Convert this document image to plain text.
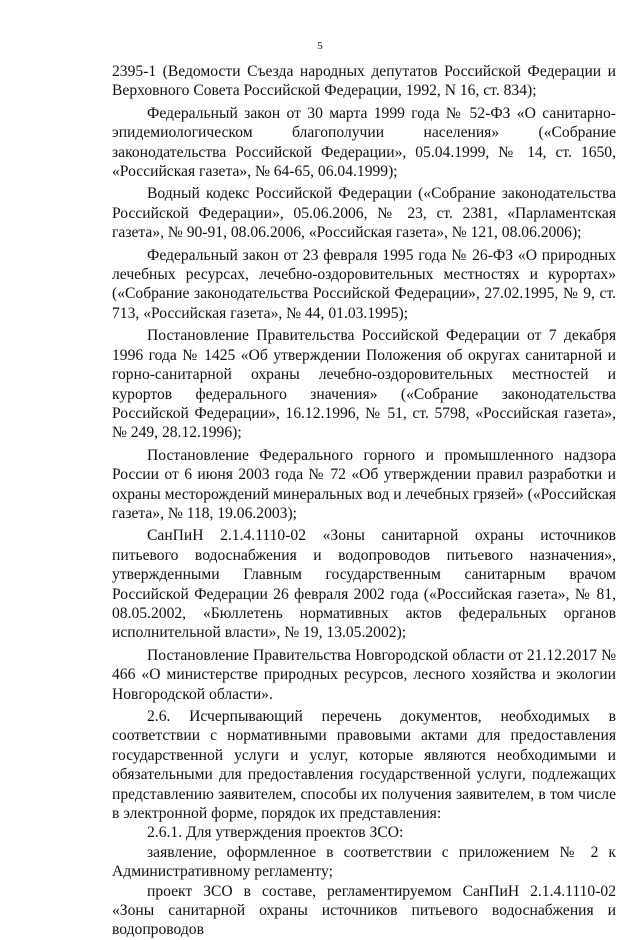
5

2395-1 (Ведомости Съезда народных депутатов Российской Федерации и Верховного Совета Российской Федерации, 1992, N 16, ст. 834);

Федеральный закон от 30 марта 1999 года № 52-ФЗ «О санитарно-эпидемиологическом благополучии населения» («Собрание законодательства Российской Федерации», 05.04.1999, № 14, ст. 1650, «Российская газета», № 64-65, 06.04.1999);

Водный кодекс Российской Федерации («Собрание законодательства Российской Федерации», 05.06.2006, № 23, ст. 2381, «Парламентская газета», № 90-91, 08.06.2006, «Российская газета», № 121, 08.06.2006);

Федеральный закон от 23 февраля 1995 года № 26-ФЗ «О природных лечебных ресурсах, лечебно-оздоровительных местностях и курортах» («Собрание законодательства Российской Федерации», 27.02.1995, № 9, ст. 713, «Российская газета», № 44, 01.03.1995);

Постановление Правительства Российской Федерации от 7 декабря 1996 года № 1425 «Об утверждении Положения об округах санитарной и горно-санитарной охраны лечебно-оздоровительных местностей и курортов федерального значения» («Собрание законодательства Российской Федерации», 16.12.1996, № 51, ст. 5798, «Российская газета», № 249, 28.12.1996);

Постановление Федерального горного и промышленного надзора России от 6 июня 2003 года № 72 «Об утверждении правил разработки и охраны месторождений минеральных вод и лечебных грязей» («Российская газета», № 118, 19.06.2003);

СанПиН 2.1.4.1110-02 «Зоны санитарной охраны источников питьевого водоснабжения и водопроводов питьевого назначения», утвержденными Главным государственным санитарным врачом Российской Федерации 26 февраля 2002 года («Российская газета», № 81, 08.05.2002, «Бюллетень нормативных актов федеральных органов исполнительной власти», № 19, 13.05.2002);

Постановление Правительства Новгородской области от 21.12.2017 № 466 «О министерстве природных ресурсов, лесного хозяйства и экологии Новгородской области».

2.6. Исчерпывающий перечень документов, необходимых в соответствии с нормативными правовыми актами для предоставления государственной услуги и услуг, которые являются необходимыми и обязательными для предоставления государственной услуги, подлежащих представлению заявителем, способы их получения заявителем, в том числе в электронной форме, порядок их представления:

2.6.1. Для утверждения проектов ЗСО:

заявление, оформленное в соответствии с приложением № 2 к Административному регламенту;

проект ЗСО в составе, регламентируемом СанПиН 2.1.4.1110-02 «Зоны санитарной охраны источников питьевого водоснабжения и водопроводов
